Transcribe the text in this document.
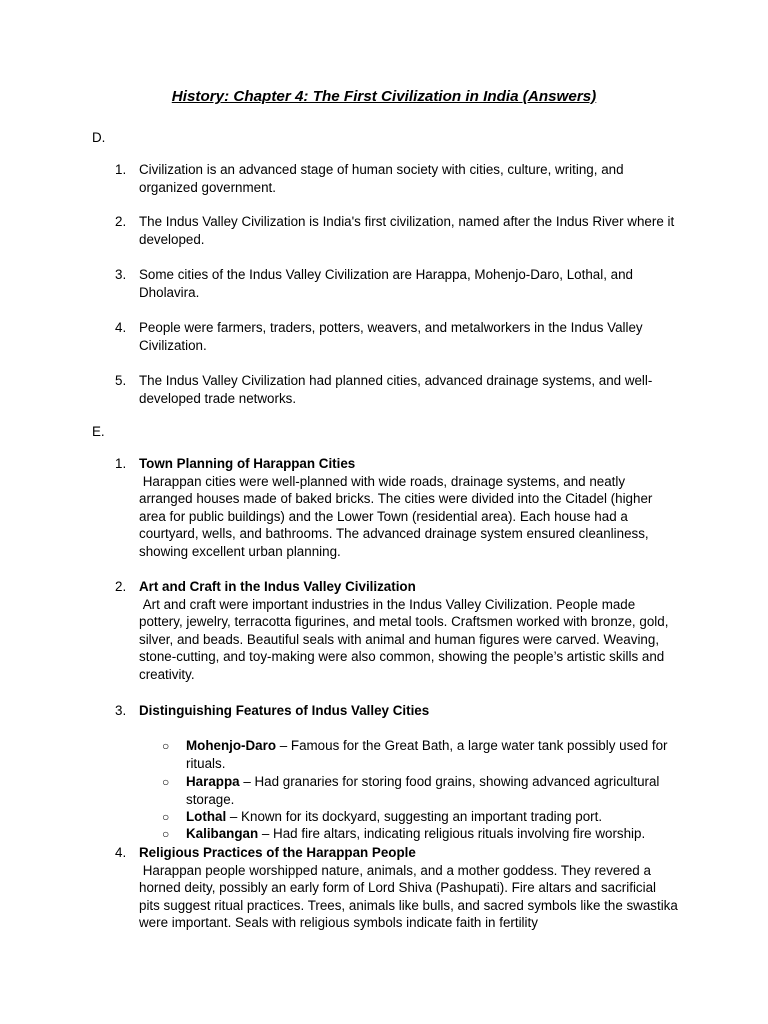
History: Chapter 4: The First Civilization in India (Answers)
D.
1. Civilization is an advanced stage of human society with cities, culture, writing, and organized government.
2. The Indus Valley Civilization is India's first civilization, named after the Indus River where it developed.
3. Some cities of the Indus Valley Civilization are Harappa, Mohenjo-Daro, Lothal, and Dholavira.
4. People were farmers, traders, potters, weavers, and metalworkers in the Indus Valley Civilization.
5. The Indus Valley Civilization had planned cities, advanced drainage systems, and well-developed trade networks.
E.
1. Town Planning of Harappan Cities
Harappan cities were well-planned with wide roads, drainage systems, and neatly arranged houses made of baked bricks. The cities were divided into the Citadel (higher area for public buildings) and the Lower Town (residential area). Each house had a courtyard, wells, and bathrooms. The advanced drainage system ensured cleanliness, showing excellent urban planning.
2. Art and Craft in the Indus Valley Civilization
Art and craft were important industries in the Indus Valley Civilization. People made pottery, jewelry, terracotta figurines, and metal tools. Craftsmen worked with bronze, gold, silver, and beads. Beautiful seals with animal and human figures were carved. Weaving, stone-cutting, and toy-making were also common, showing the people’s artistic skills and creativity.
3. Distinguishing Features of Indus Valley Cities
○ Mohenjo-Daro – Famous for the Great Bath, a large water tank possibly used for rituals.
○ Harappa – Had granaries for storing food grains, showing advanced agricultural storage.
○ Lothal – Known for its dockyard, suggesting an important trading port.
○ Kalibangan – Had fire altars, indicating religious rituals involving fire worship.
4. Religious Practices of the Harappan People
Harappan people worshipped nature, animals, and a mother goddess. They revered a horned deity, possibly an early form of Lord Shiva (Pashupati). Fire altars and sacrificial pits suggest ritual practices. Trees, animals like bulls, and sacred symbols like the swastika were important. Seals with religious symbols indicate faith in fertility
